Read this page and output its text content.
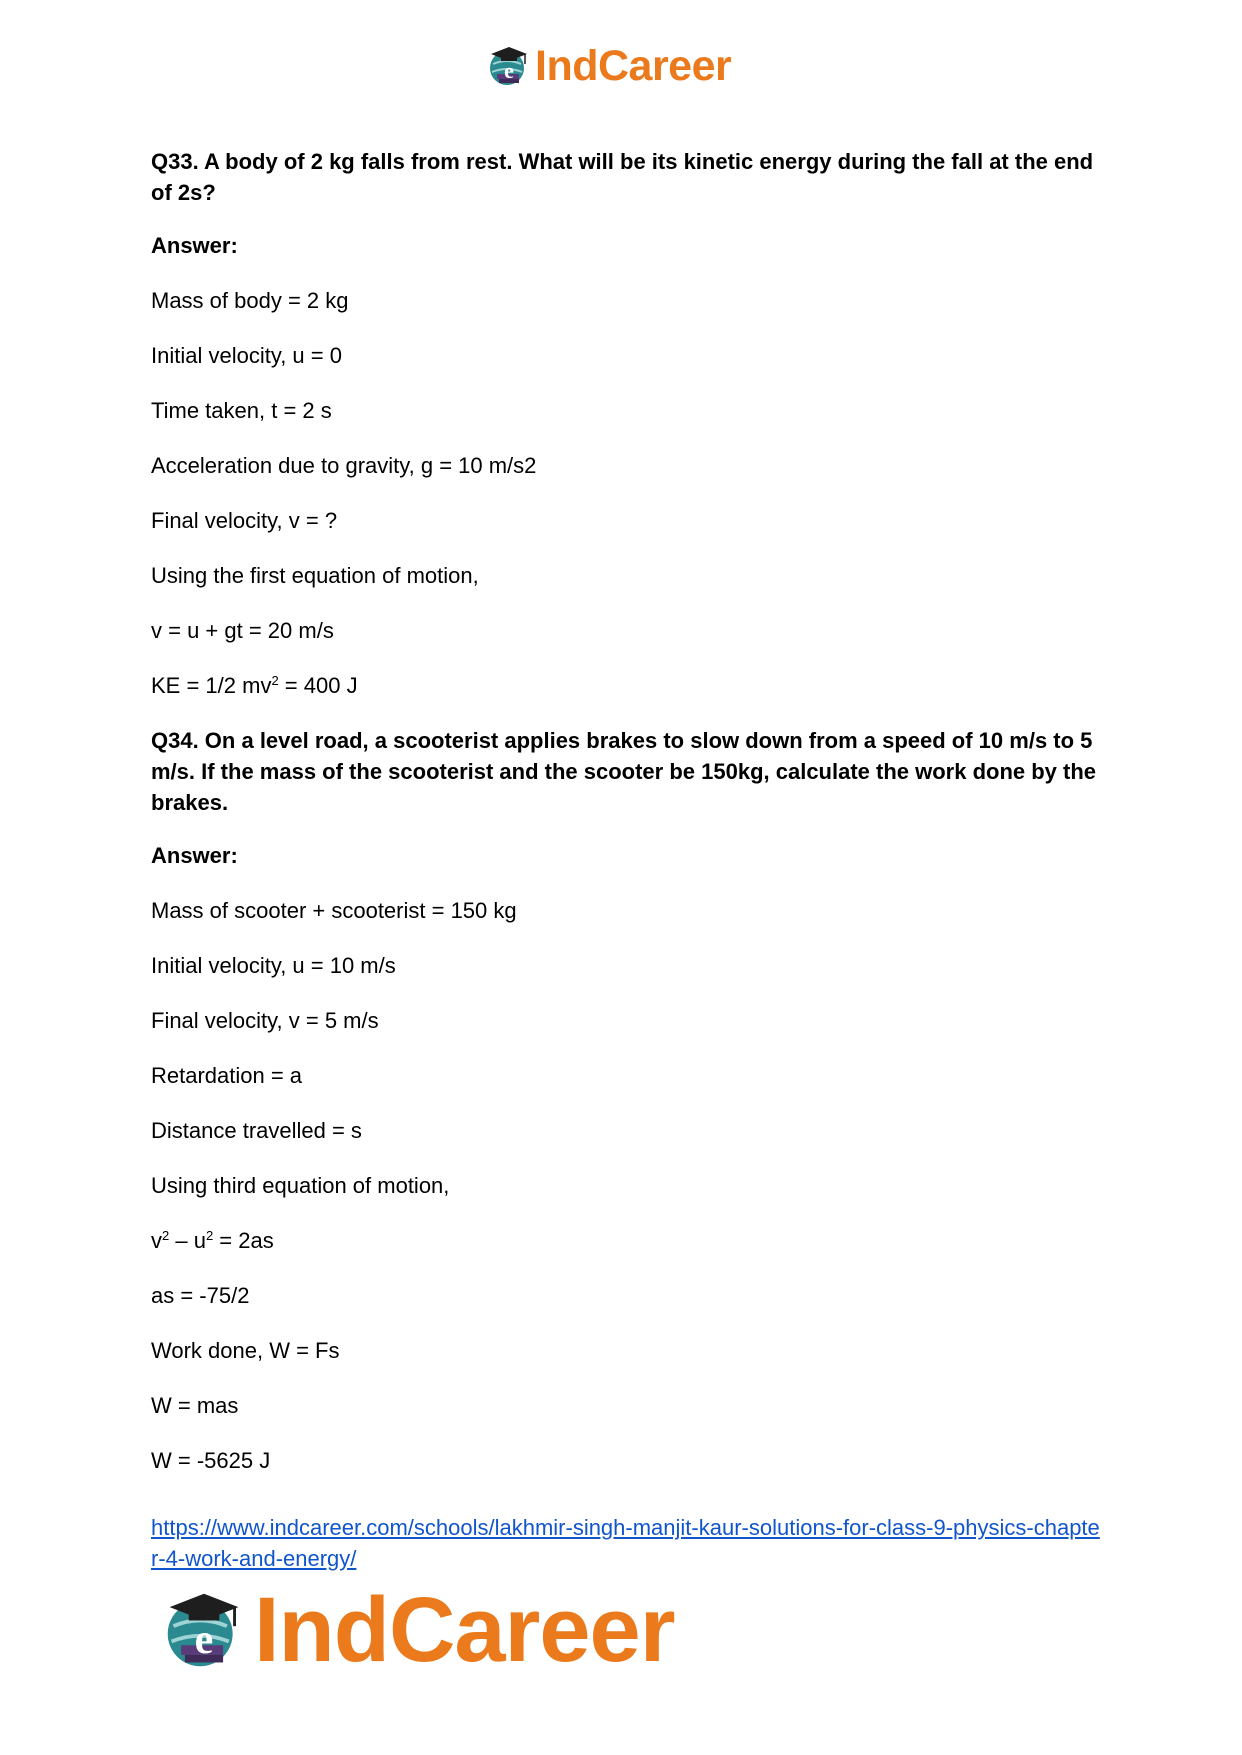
e IndCareer

Q33. A body of 2 kg falls from rest. What will be its kinetic energy during the fall at the end of 2s?

Answer:

Mass of body = 2 kg

Initial velocity, u = 0

Time taken, t = 2 s

Acceleration due to gravity, g = 10 m/s2

Final velocity, v = ?

Using the first equation of motion,

v = u + gt = 20 m/s

KE = 1/2 $mv^2 = 400$ J

Q34. On a level road, a scooterist applies brakes to slow down from a speed of 10 m/s to 5 m/s. If the mass of the scooterist and the scooter be 150kg, calculate the work done by the brakes.

Answer:

Mass of scooter + scooterist = 150 kg

Initial velocity, u = 10 m/s

Final velocity, v = 5 m/s

Retardation = a

Distance travelled = s

Using third equation of motion,

$v^2 - u^2 = 2as$

as = -75/2

Work done, W = Fs

W = mas

W = -5625 J

https://www.indcareer.com/schools/lakhmir-singh-manjit-kaur-solutions-for-class-9-physics-chapter-4-work-and-energy/
e IndCareer
